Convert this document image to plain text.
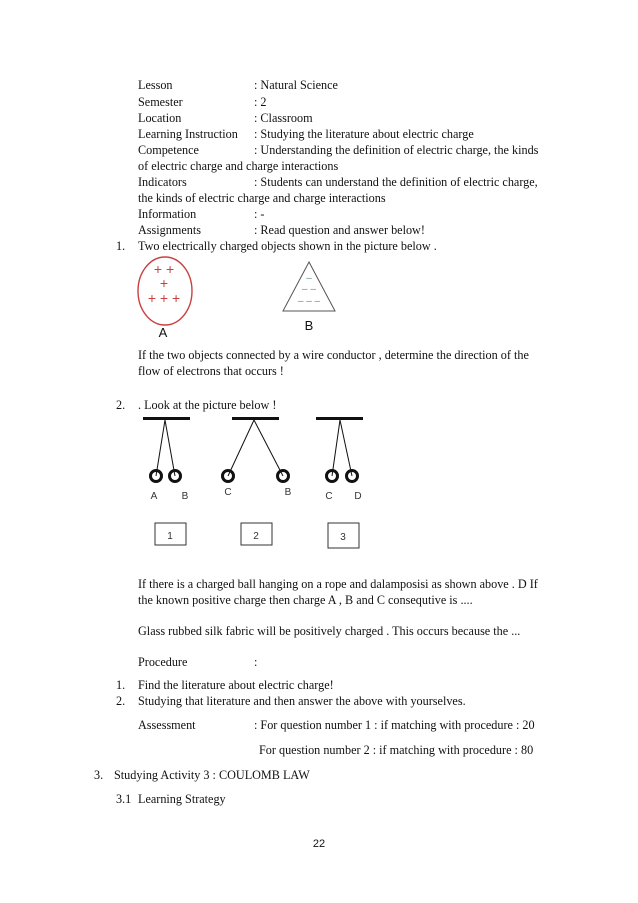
Lesson	: Natural Science
Semester	: 2
Location	: Classroom
Learning Instruction : Studying the literature about electric charge
Competence	: Understanding the definition of electric charge, the kinds
of electric charge and charge interactions
Indicators	: Students can understand the definition of electric charge,
the kinds of electric charge and charge interactions
Information	: -
Assignments	: Read question and answer below!
1. Two electrically charged objects shown in the picture below .
+ +
+
+ + +
A
–
– –
– – –
B
A B	C	B	C D
1	2	3
If the two objects connected by a wire conductor , determine the direction of the
flow of electrons that occurs !
2. . Look at the picture below !
If there is a charged ball hanging on a rope and dalamposisi as shown above . D If
the known positive charge then charge A , B and C consequtive is ....
Glass rubbed silk fabric will be positively charged . This occurs because the ...
Procedure	:
1. Find the literature about electric charge!
2. Studying that literature and then answer the above with yourselves.
Assessment	: For question number 1 : if matching with procedure : 20
For question number 2 : if matching with procedure : 80
3. Studying Activity 3 : COULOMB LAW
3.1 Learning Strategy
22
